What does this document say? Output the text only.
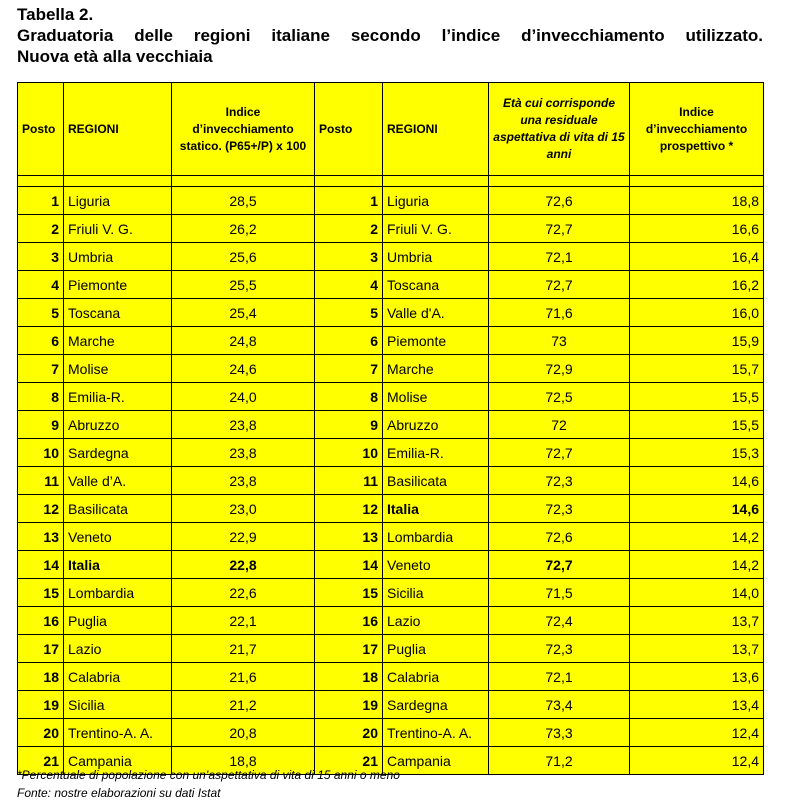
Tabella 2.
Graduatoria delle regioni italiane secondo l’indice d’invecchiamento utilizzato.
Nuova età alla vecchiaia
Posto	REGIONI	Indice d’invecchiamento statico. (P65+/P) x 100	Posto	REGIONI	Età cui corrisponde una residuale aspettativa di vita di 15 anni	Indice d’invecchiamento prospettivo *

1	Liguria	28,5	1	Liguria	72,6	18,8
2	Friuli V. G.	26,2	2	Friuli V. G.	72,7	16,6
3	Umbria	25,6	3	Umbria	72,1	16,4
4	Piemonte	25,5	4	Toscana	72,7	16,2
5	Toscana	25,4	5	Valle d'A.	71,6	16,0
6	Marche	24,8	6	Piemonte	73	15,9
7	Molise	24,6	7	Marche	72,9	15,7
8	Emilia-R.	24,0	8	Molise	72,5	15,5
9	Abruzzo	23,8	9	Abruzzo	72	15,5
10	Sardegna	23,8	10	Emilia-R.	72,7	15,3
11	Valle d’A.	23,8	11	Basilicata	72,3	14,6
12	Basilicata	23,0	12	Italia	72,3	14,6
13	Veneto	22,9	13	Lombardia	72,6	14,2
14	Italia	22,8	14	Veneto	72,7	14,2
15	Lombardia	22,6	15	Sicilia	71,5	14,0
16	Puglia	22,1	16	Lazio	72,4	13,7
17	Lazio	21,7	17	Puglia	72,3	13,7
18	Calabria	21,6	18	Calabria	72,1	13,6
19	Sicilia	21,2	19	Sardegna	73,4	13,4
20	Trentino-A. A.	20,8	20	Trentino-A. A.	73,3	12,4
21	Campania	18,8	21	Campania	71,2	12,4
*Percentuale di popolazione con un’aspettativa di vita di 15 anni o meno
Fonte: nostre elaborazioni su dati Istat
